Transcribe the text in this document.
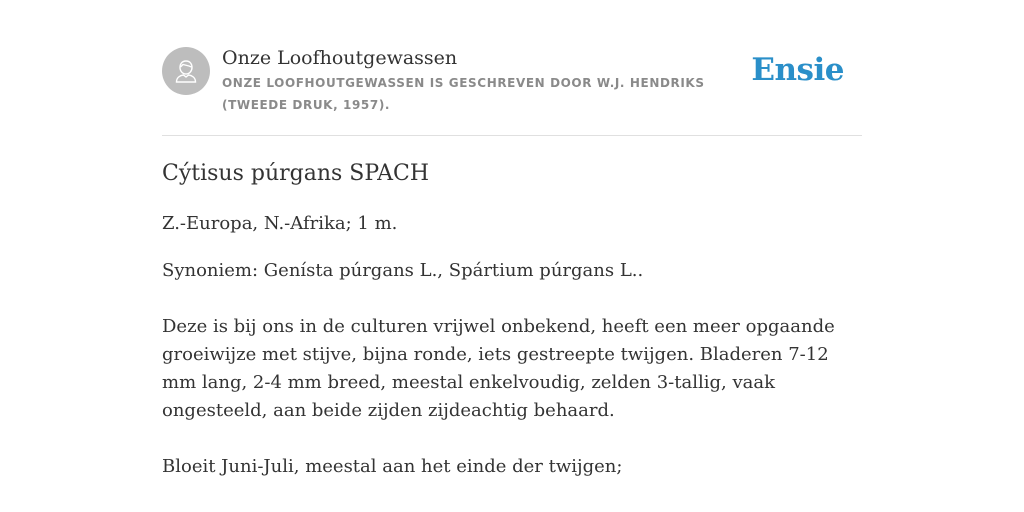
Onze Loofhoutgewassen
ONZE LOOFHOUTGEWASSEN IS GESCHREVEN DOOR W.J. HENDRIKS (TWEEDE DRUK, 1957).
Ensie
Cýtisus púrgans SPACH

Z.-Europa, N.-Afrika; 1 m.

Synoniem: Genísta púrgans L., Spártium púrgans L..

Deze is bij ons in de culturen vrijwel onbekend, heeft een meer opgaande groeiwijze met stijve, bijna ronde, iets gestreepte twijgen. Bladeren 7-12 mm lang, 2-4 mm breed, meestal enkelvoudig, zelden 3-tallig, vaak ongesteeld, aan beide zijden zijdeachtig behaard.

Bloeit Juni-Juli, meestal aan het einde der twijgen;
